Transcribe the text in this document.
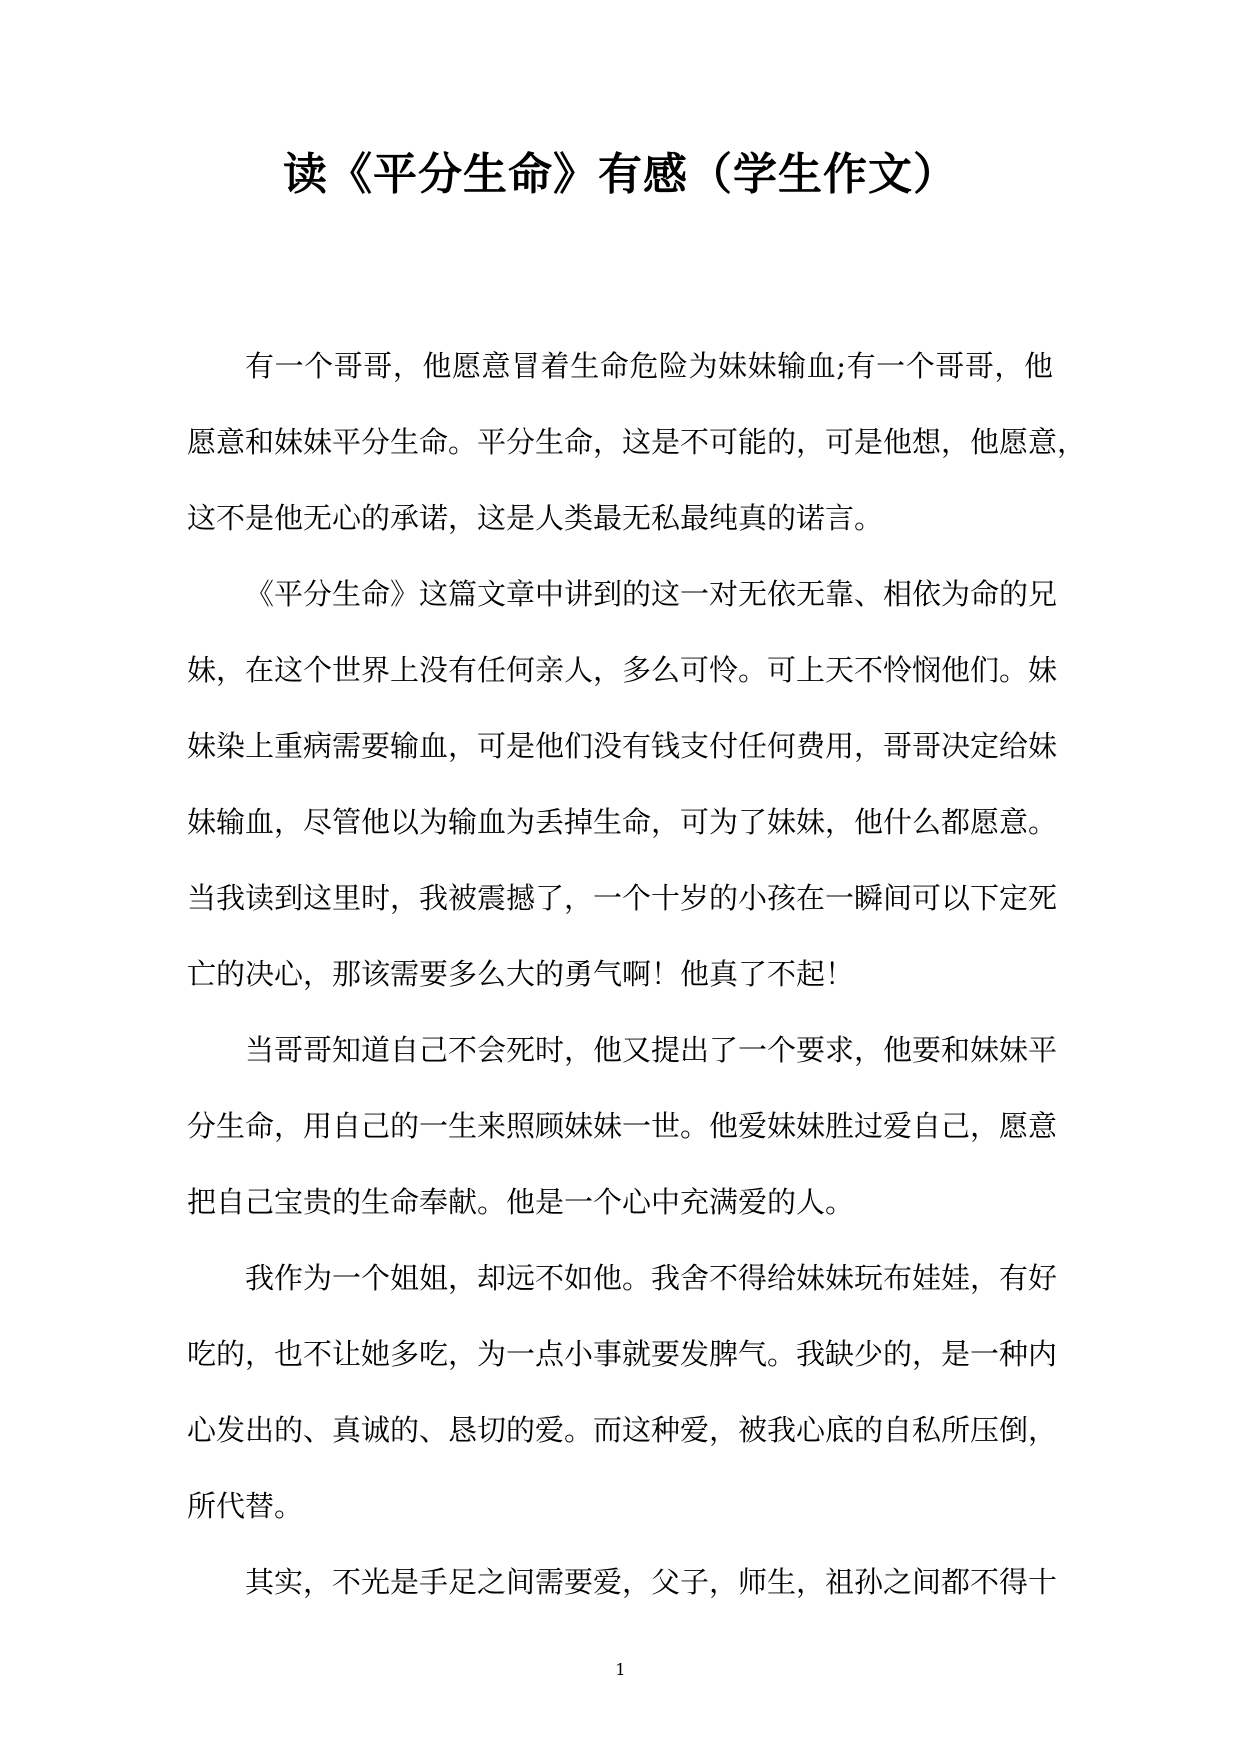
读《平分生命》有感（学生作文）
有一个哥哥，他愿意冒着生命危险为妹妹输血;有一个哥哥，他
愿意和妹妹平分生命。平分生命，这是不可能的，可是他想，他愿意，
这不是他无心的承诺，这是人类最无私最纯真的诺言。
《平分生命》这篇文章中讲到的这一对无依无靠、相依为命的兄
妹，在这个世界上没有任何亲人，多么可怜。可上天不怜悯他们。妹
妹染上重病需要输血，可是他们没有钱支付任何费用，哥哥决定给妹
妹输血，尽管他以为输血为丢掉生命，可为了妹妹，他什么都愿意。
当我读到这里时，我被震撼了，一个十岁的小孩在一瞬间可以下定死
亡的决心，那该需要多么大的勇气啊！他真了不起！
当哥哥知道自己不会死时，他又提出了一个要求，他要和妹妹平
分生命，用自己的一生来照顾妹妹一世。他爱妹妹胜过爱自己，愿意
把自己宝贵的生命奉献。他是一个心中充满爱的人。
我作为一个姐姐，却远不如他。我舍不得给妹妹玩布娃娃，有好
吃的，也不让她多吃，为一点小事就要发脾气。我缺少的，是一种内
心发出的、真诚的、恳切的爱。而这种爱，被我心底的自私所压倒，
所代替。
其实，不光是手足之间需要爱，父子，师生，祖孙之间都不得十
1
